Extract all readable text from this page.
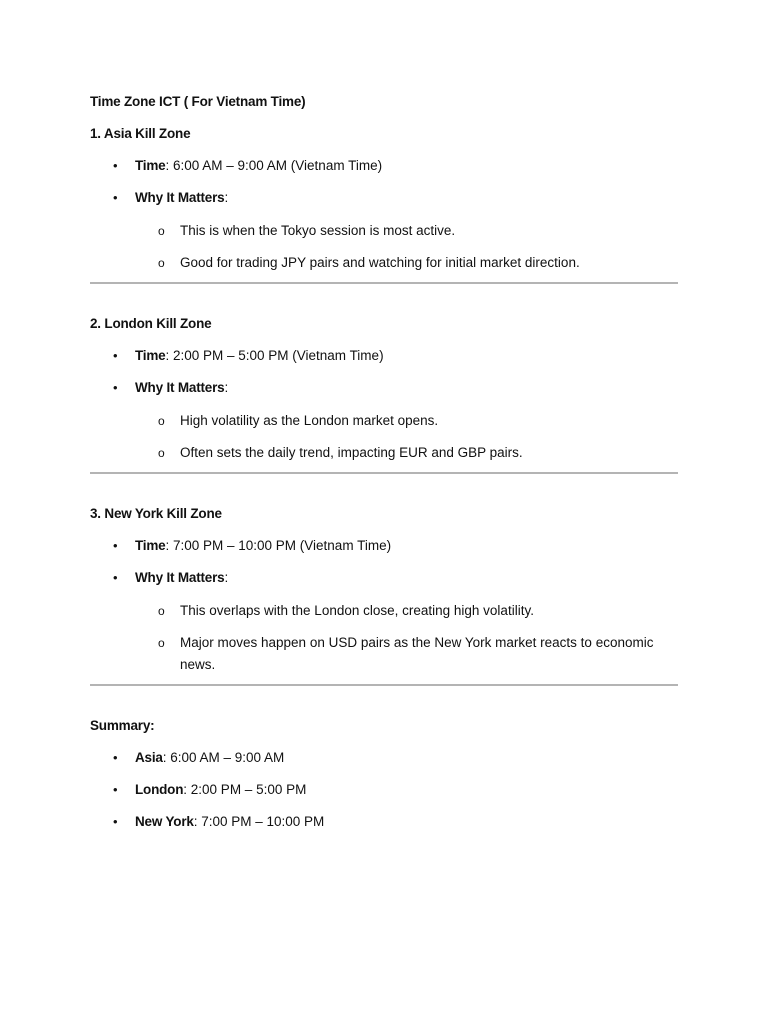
Time Zone ICT ( For Vietnam Time)
1. Asia Kill Zone
• Time: 6:00 AM – 9:00 AM (Vietnam Time)
• Why It Matters:
o This is when the Tokyo session is most active.
o Good for trading JPY pairs and watching for initial market direction.
2. London Kill Zone
• Time: 2:00 PM – 5:00 PM (Vietnam Time)
• Why It Matters:
o High volatility as the London market opens.
o Often sets the daily trend, impacting EUR and GBP pairs.
3. New York Kill Zone
• Time: 7:00 PM – 10:00 PM (Vietnam Time)
• Why It Matters:
o This overlaps with the London close, creating high volatility.
o Major moves happen on USD pairs as the New York market reacts to economic news.
Summary:
• Asia: 6:00 AM – 9:00 AM
• London: 2:00 PM – 5:00 PM
• New York: 7:00 PM – 10:00 PM
